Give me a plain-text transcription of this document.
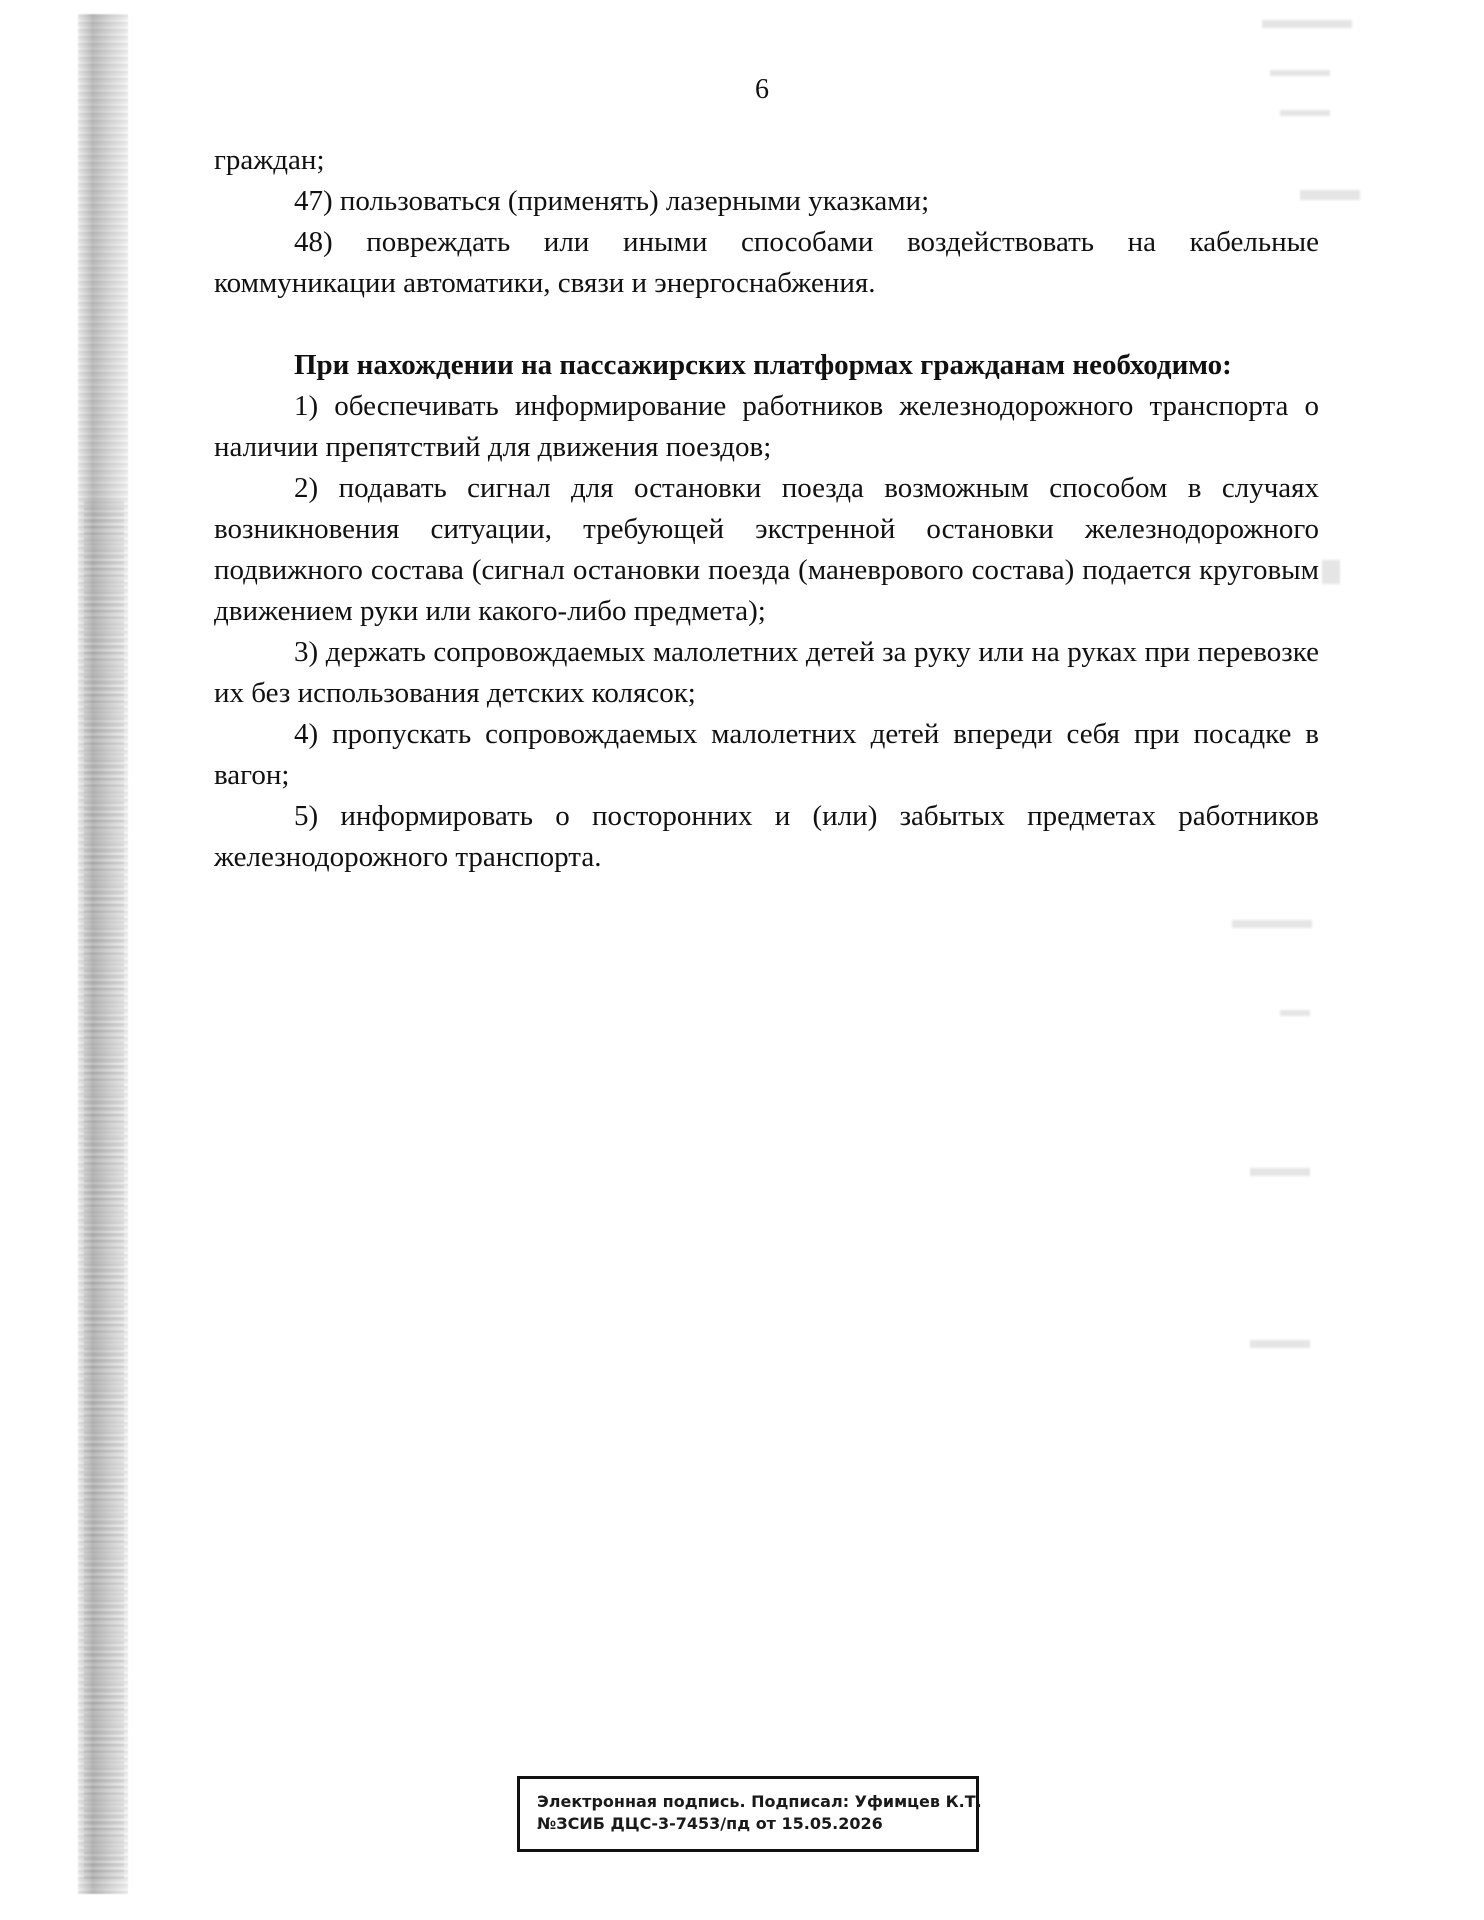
6

граждан;

47) пользоваться (применять) лазерными указками;

48) повреждать или иными способами воздействовать на кабельные коммуникации автоматики, связи и энергоснабжения.

При нахождении на пассажирских платформах гражданам необходимо:

1) обеспечивать информирование работников железнодорожного транспорта о наличии препятствий для движения поездов;

2) подавать сигнал для остановки поезда возможным способом в случаях возникновения ситуации, требующей экстренной остановки железнодорожного подвижного состава (сигнал остановки поезда (маневрового состава) подается круговым движением руки или какого-либо предмета);

3) держать сопровождаемых малолетних детей за руку или на руках при перевозке их без использования детских колясок;

4) пропускать сопровождаемых малолетних детей впереди себя при посадке в вагон;

5) информировать о посторонних и (или) забытых предметах работников железнодорожного транспорта.

Электронная подпись. Подписал: Уфимцев К.Т.
№ЗСИБ ДЦС-3-7453/пд от 15.05.2026
